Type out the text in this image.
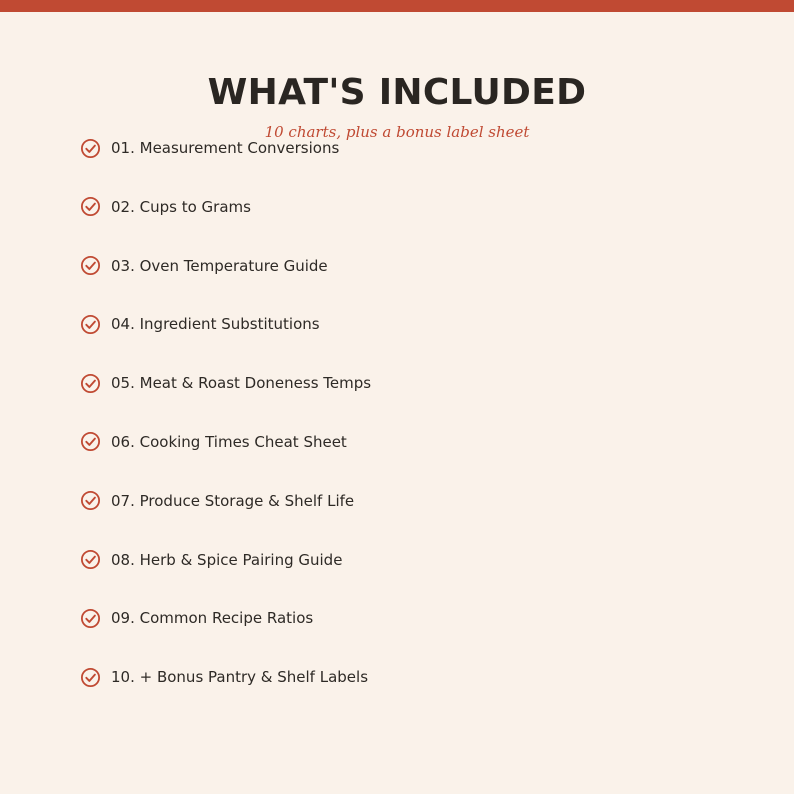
WHAT'S INCLUDED
10 charts, plus a bonus label sheet
01. Measurement Conversions
02. Cups to Grams
03. Oven Temperature Guide
04. Ingredient Substitutions
05. Meat & Roast Doneness Temps
06. Cooking Times Cheat Sheet
07. Produce Storage & Shelf Life
08. Herb & Spice Pairing Guide
09. Common Recipe Ratios
10. + Bonus Pantry & Shelf Labels
